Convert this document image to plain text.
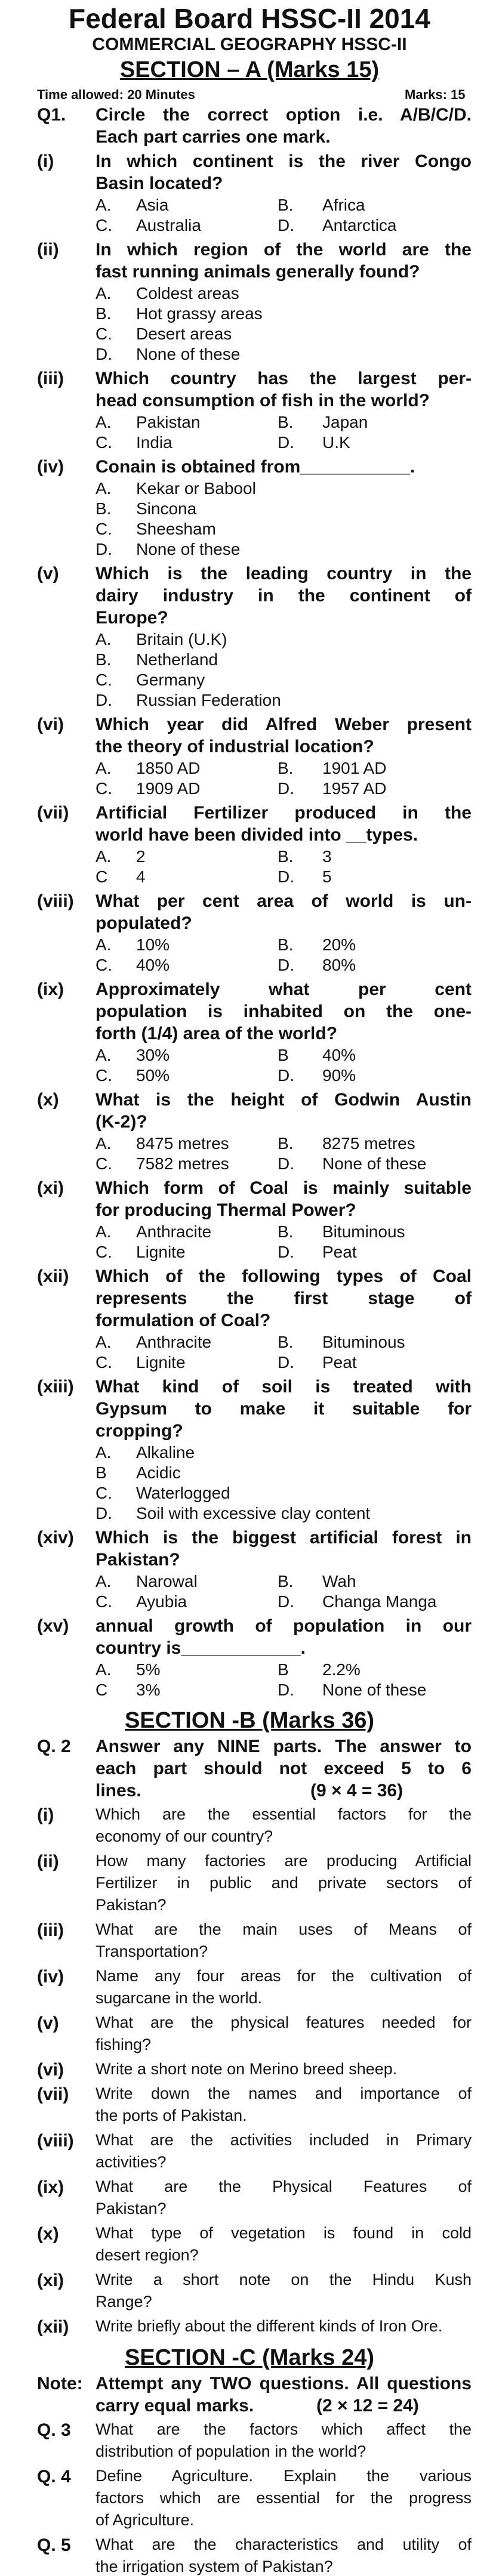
Federal Board HSSC-II 2014
COMMERCIAL GEOGRAPHY HSSC-II
SECTION – A (Marks 15)
Time allowed: 20 Minutes	Marks: 15
Q1. Circle the correct option i.e. A/B/C/D.
Each part carries one mark.
(i) In which continent is the river Congo
Basin located?
A. Asia	B. Africa
C. Australia	D. Antarctica
(ii) In which region of the world are the
fast running animals generally found?
A. Coldest areas
B. Hot grassy areas
C. Desert areas
D. None of these
(iii) Which country has the largest per-
head consumption of fish in the world?
A. Pakistan	B. Japan
C. India	D. U.K
(iv) Conain is obtained from___________.
A. Kekar or Babool
B. Sincona
C. Sheesham
D. None of these
(v) Which is the leading country in the
dairy industry in the continent of
Europe?
A. Britain (U.K)
B. Netherland
C. Germany
D. Russian Federation
(vi) Which year did Alfred Weber present
the theory of industrial location?
A. 1850 AD	B. 1901 AD
C. 1909 AD	D. 1957 AD
(vii) Artificial Fertilizer produced in the
world have been divided into __types.
A. 2	B. 3
C 4	D. 5
(viii) What per cent area of world is un-
populated?
A. 10%	B. 20%
C. 40%	D. 80%
(ix) Approximately what per cent
population is inhabited on the one-
forth (1/4) area of the world?
A. 30%	B 40%
C. 50%	D. 90%
(x) What is the height of Godwin Austin
(K-2)?
A. 8475 metres	B. 8275 metres
C. 7582 metres	D. None of these
(xi) Which form of Coal is mainly suitable
for producing Thermal Power?
A. Anthracite	B. Bituminous
C. Lignite	D. Peat
(xii) Which of the following types of Coal
represents the first stage of
formulation of Coal?
A. Anthracite	B. Bituminous
C. Lignite	D. Peat
(xiii) What kind of soil is treated with
Gypsum to make it suitable for
cropping?
A. Alkaline
B Acidic
C. Waterlogged
D. Soil with excessive clay content
(xiv) Which is the biggest artificial forest in
Pakistan?
A. Narowal	B. Wah
C. Ayubia	D. Changa Manga
(xv) annual growth of population in our
country is____________.
A. 5%	B 2.2%
C 3%	D. None of these
SECTION -B (Marks 36)
Q. 2 Answer any NINE parts. The answer to
each part should not exceed 5 to 6
lines.	(9 × 4 = 36)
(i)	Which are the essential factors for the
economy of our country?
(ii) How many factories are producing Artificial
Fertilizer in public and private sectors of
Pakistan?
(iii) What are the main uses of Means of
Transportation?
(iv) Name any four areas for the cultivation of
sugarcane in the world.
(v) What are the physical features needed for
fishing?
(vi) Write a short note on Merino breed sheep.
(vii) Write down the names and importance of
the ports of Pakistan.
(viii) What are the activities included in Primary
activities?
(ix) What are the Physical Features of
Pakistan?
(x) What type of vegetation is found in cold
desert region?
(xi) Write a short note on the Hindu Kush
Range?
(xii) Write briefly about the different kinds of Iron Ore.
SECTION -C (Marks 24)
Note: Attempt any TWO questions. All questions
carry equal marks.	(2 × 12 = 24)
Q. 3 What are the factors which affect the
distribution of population in the world?
Q. 4 Define Agriculture. Explain the various
factors which are essential for the progress
of Agriculture.
Q. 5 What are the characteristics and utility of
the irrigation system of Pakistan?
